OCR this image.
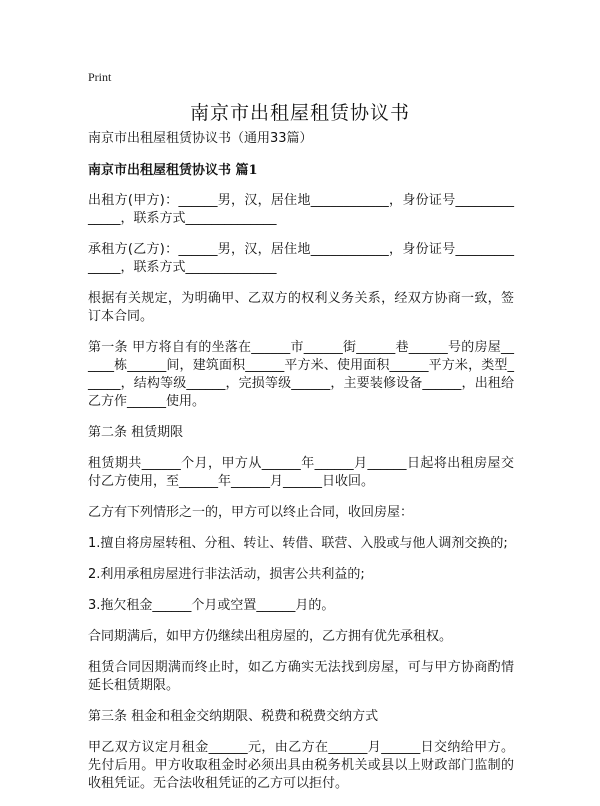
Print
南京市出租屋租赁协议书
南京市出租屋租赁协议书（通用33篇）
南京市出租屋租赁协议书 篇1

出租方(甲方)：______男，汉，居住地____________，身份证号______________，联系方式______________

承租方(乙方)：______男，汉，居住地____________，身份证号______________，联系方式______________

根据有关规定，为明确甲、乙双方的权利义务关系，经双方协商一致，签订本合同。

第一条 甲方将自有的坐落在______市______街______巷______号的房屋______栋______间，建筑面积______平方米、使用面积______平方米，类型______，结构等级______，完损等级______，主要装修设备______，出租给乙方作______使用。

第二条 租赁期限

租赁期共______个月，甲方从______年______月______日起将出租房屋交付乙方使用，至______年______月______日收回。

乙方有下列情形之一的，甲方可以终止合同，收回房屋：

1.擅自将房屋转租、分租、转让、转借、联营、入股或与他人调剂交换的;

2.利用承租房屋进行非法活动，损害公共利益的;

3.拖欠租金______个月或空置______月的。

合同期满后，如甲方仍继续出租房屋的，乙方拥有优先承租权。

租赁合同因期满而终止时，如乙方确实无法找到房屋，可与甲方协商酌情延长租赁期限。

第三条 租金和租金交纳期限、税费和税费交纳方式

甲乙双方议定月租金______元，由乙方在______月______日交纳给甲方。先付后用。甲方收取租金时必须出具由税务机关或县以上财政部门监制的收租凭证。无合法收租凭证的乙方可以拒付。
